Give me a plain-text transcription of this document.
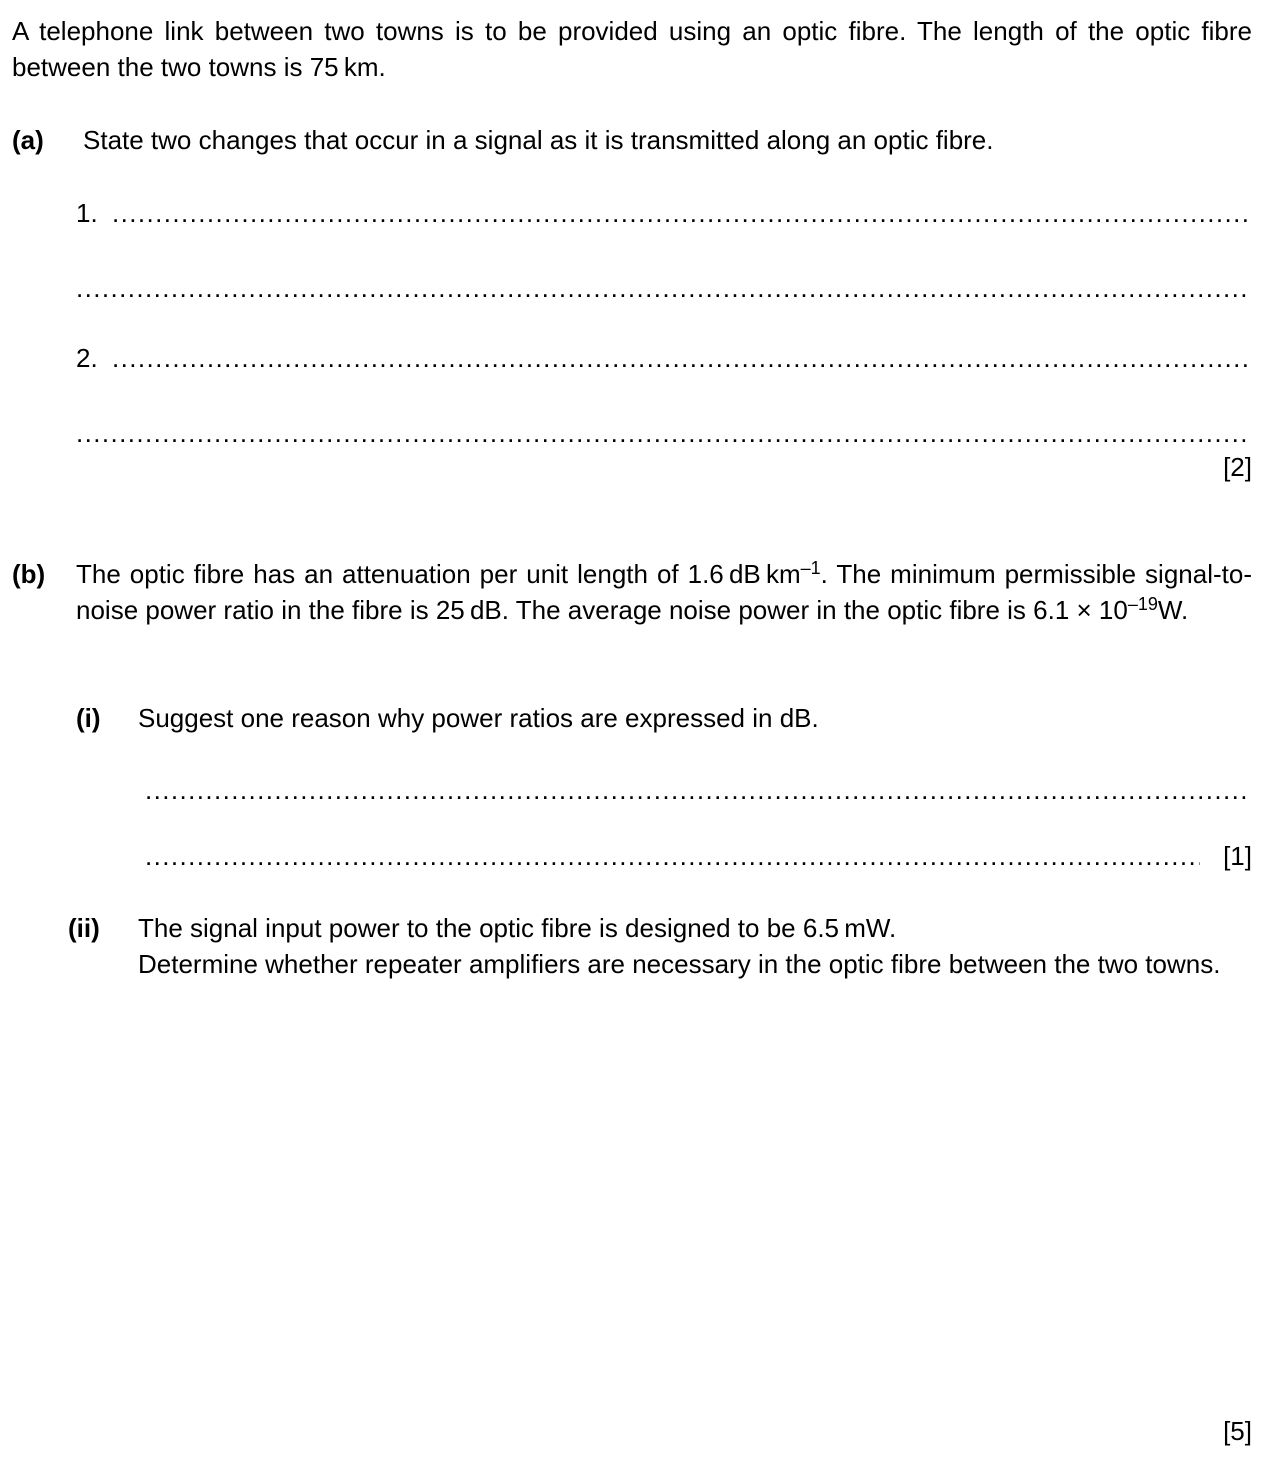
A telephone link between two towns is to be provided using an optic fibre. The length of the optic fibre between the two towns is 75 km.

(a) State two changes that occur in a signal as it is transmitted along an optic fibre.
1.
.....
.....
2.
.....
.....
[2]
(b) The optic fibre has an attenuation per unit length of 1.6 dB $km^{-1}$. The minimum permissible signal-to-noise power ratio in the fibre is 25 dB. The average noise power in the optic fibre is $6.1 \times 10^{-19}W$.

(i) Suggest one reason why power ratios are expressed in dB.
.....
.....
[1]
(ii) The signal input power to the optic fibre is designed to be 6.5 mW.

Determine whether repeater amplifiers are necessary in the optic fibre between the two towns.

[5]
